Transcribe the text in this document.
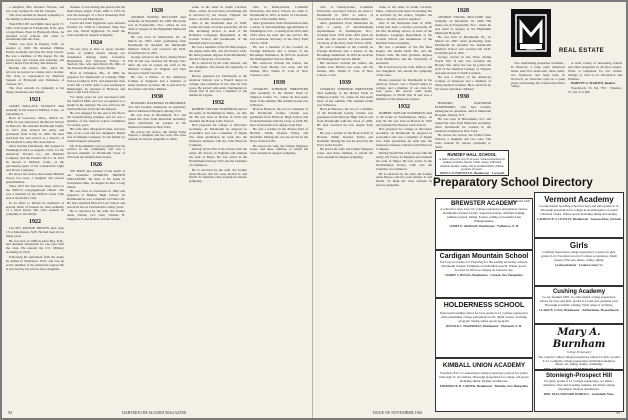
a daughter, Mrs. Roberta Nicolas, and two sons, Sydney W. and Dr. Thomas.

The class extends its deepest sympathy to the family in their bereavement.

WALTER LEE ALVORD died April 17, 1961 at his home in Portsmouth, N.H., after a long illness. Born in Plymouth, Mass., he attended local schools and came to Dartmouth with the class.

Walter was born in Epping, N.H., on August 4, 1918. He attended Phillips Exeter Academy and later the Tuck School. He was a member of Phi Kappa Psi, the Green Key and Casque and Gauntlet, and held a major D in hockey and baseball.

Besides his widow, Mrs. Alice M. Alvord, he leaves two sisters and a brother. The class is represented by Harrison Sargent of Plymouth and Parkinson of Trenton, N.J.

The class extends its sympathy to his many classmates and friends.

1921

JAMES WALLACE STANLEY died suddenly at his home in Milford, Conn., on September 6.

Born in Lawrence, Mass., March 19, 1898, he was attracted to the Brown School in Hanover. He attended Dartmouth briefly in 1917, then entered the Army and graduated from Colby in 1920. He later practiced law and served as a director of the Fairfield County Bar Association.

After leaving Dartmouth, Jim worked in Washington and Los Angeles, Calif., for the American Woolen Co., the Baldwin Company and the Eastern Oil Co. In 1931 he moved to Milford, Conn., as the purchasing agent of the Connecticut Light and Power Company.

He leaves his widow, the former Mildred Wood, two sons, a daughter and several grandchildren.

Since 1957 the four have been active in the Milford Congregational church. Jim was a member of the Milford Lions Club and of the Rotary Club.

In an effort to inform its members of several items of interest he died suddenly of a heart attack. The class extends its sympathy to his family.

1922

LUCIUS MILTON BROWN died June 13 at Manchester, N.H. He had been ill for many years.

He was born in 1900 in Alton Bay, N.H., and attended Dartmouth for one year with the class. He entered the U.S. Military Academy in 1919.

Following his retirement from the Army he settled in Wolfeboro, N.H., and was an active member of the American Legion. He is survived by his widow and a daughter.

Nashua. It was during this period that his final illness began. From 1948 to 1955 he was the manager of a food brokerage firm in Concord and Manchester.

Lewis and Josie Eggleston were married October 16, 1926 in Cleveland. They had one son, David Eggleston. To them the class extends its deepest sympathy.

1924

We are sorry to have to report another series of sudden deaths among our classmates. Among them, Lawrence Hutchinson and Sylvester Forbes of Sanford, Me., who died March 26, 1961, at the Veterans Hospital, Togus, Maine.

Born in Orrington, Me., in 1900, he prepared for Dartmouth at Canaday High School in Albion, N.H., and joined the class in the fall of 1920. After a year teaching in Mississippi, he returned to Hanover and later to the Tuck School.

For many years he was associated with the Sanford Mills and was recognized as a leader in the industry. He was active in the Sanford Rotary Club and the Masons.

He was engaged for the rest of his life in the manufacturing business and he was a member of the Sanford school committee for twenty years.

His wife, Mrs. Margaret Forbes, survives him, as do a son and two daughters. Burial was in Oakdale Cemetery. To his family we extend deepest sympathy.

Mr. Schoenheimer was recognized for his service in the community and was a devoted member of Dartmouth Class of 1924 and the Alumni Association.

1926

WE HAVE just learned of the death of our classmate CHARLES BROWN SINGLETON. He died at his home in Cincinnati, Ohio, on August 22 after a long illness.

He was born in Cincinnati in 1904 and prepared at Hughes High School. At Dartmouth he was a member of Theta Chi. He later attended Harvard Law School and practiced law in Cincinnati for many years.

He is survived by his wife, the former Anne Jordan; two sons, Charles B. Singleton Jr. and Robert; and his mother.

1928

GEORGE YOUNG MCCLURE died suddenly on December 16, 1960. His home was in Fayetteville, N.C., where he was chief of surgery at the Highsmith Memorial Hospital.

He was born in Monmouth, Ill., on March 22, 1907. After graduating from Dartmouth he attended the Dartmouth Medical School and received his M.D. from Harvard in 1932.

George served in the Navy during World War II and was awarded the Bronze Star. After the war he joined the staff of the Medical College of Virginia and later moved to North Carolina.

He was a Fellow of the American College of Surgeons and a member of many medical societies. He is survived by his widow and three children.

1930

HOWARD RAYMOND ELMENDORF, who had recently undergone an operation, died at Memorial Hospital, Albany, N.Y.

He was born in Bloomfield, N.J. and joined the class from Montclair Academy. After Dartmouth he worked in the insurance business in New York.

He leaves his widow, the former Edna Watson, a daughter and two sons. The class extends its sincere sympathy to them.

some of his sister in South Carolina, Mass., where he had been vacationing. He is survived by his widow, Virginia, his sister, a brother, and two nephews.

One of the handsome men of 1930, Leslie had been a teacher practically all his life, including service as head of the Romance Language Department at the Loomis School and headmaster of the Kimball Union Academy.

He was a member of the Phi Beta Kappa, the Alpha Delta Phi, and the French Club. He held graduate degrees from Middlebury and the University of Grenoble.

He is survived by his wife, Marion, and two daughters. We extend the sympathy of the class.

Howie prepared for Dartmouth at the Andover School, was a French major in college, and a member of our class for four years. He served with Army Intelligence in World War II and was a member of the American Legion.

1932

ROBERT TAYLOR WOODMAN died at his home in Northampton, Mass., on July 30. He was born in Boston in 1910 and attended the Boston Latin School.

Bob prepared for college at Worcester Academy. At Dartmouth he majored in economics and was a member of Sigma Chi. After graduation he went into the insurance business with the John Hancock Company.

During World War II he served with the Army Air Forces in England and attained the rank of Major. He was active in the Northampton Rotary Club and the Chamber of Commerce.

He is survived by his wife, the former Anne Moore, and two sons, Robert Jr. and David. To them the class extends its sincere sympathy.

wife of Pennsylvania, Columbia University, and Knox School, he came to Dartmouth in 1933. A native of Cleveland, he was a Phi Gamma Delta.

After graduation from Dartmouth he held a series of merchandising appointments in Washington, D.C., working from 1933 until 1943 when he went into the service. He was Assistant Secretary of the Navy from 1954 to 1956.

He was a member of the Council on Foreign Relations and a trustee of the Brookings Institution. In 1955 he received the Distinguished Service Medal.

His survivors include his widow, the former Joan Martin, two sons, and his mother, Mrs. Walter E. Cole of New Canaan, Conn.

1939

CHARLES WINDSOR BREWSTER died suddenly at the Barber Farm in Simpson Center, Vt., where he had spent most of his summer. His summer home was in Boston.

Born in Hanover, the son of a member of the Dartmouth faculty, Charlie was graduated from Hanover High School and from Dartmouth with the Class of 1939. He later received his law degree from Yale.

He was a partner in the Boston firm of Herrick, Smith, Donald, Farley and Ketchum. During the war he served in the Navy in the Pacific.

He leaves his wife, the former Margaret Jones, and three children, to whom the class extends its deepest sympathy.

94	DARTMOUTH ALUMNI MAGAZINE

wife of Pennsylvania, Columbia University, and Knox School, he came to Dartmouth in 1933. A native of Cleveland, he was a Phi Gamma Delta.

After graduation from Dartmouth he held a series of merchandising appointments in Washington, D.C., working from 1933 until 1943 when he went into the service. He was Assistant Secretary of the Navy from 1954 to 1956.

He was a member of the Council on Foreign Relations and a trustee of the Brookings Institution. In 1955 he received the Distinguished Service Medal.

His survivors include his widow, the former Joan Martin, two sons, and his mother, Mrs. Walter E. Cole of New Canaan, Conn.

1939

CHARLES WINDSOR BREWSTER died suddenly at the Barber Farm in Simpson Center, Vt., where he had spent most of his summer. His summer home was in Boston.

Born in Hanover, the son of a member of the Dartmouth faculty, Charlie was graduated from Hanover High School and from Dartmouth with the Class of 1939. He later received his law degree from Yale.

He was a partner in the Boston firm of Herrick, Smith, Donald, Farley and Ketchum. During the war he served in the Navy in the Pacific.

He leaves his wife, the former Margaret Jones, and three children, to whom the class extends its deepest sympathy.

some of his sister in South Carolina, Mass., where he had been vacationing. He is survived by his widow, Virginia, his sister, a brother, and two nephews.

One of the handsome men of 1930, Leslie had been a teacher practically all his life, including service as head of the Romance Language Department at the Loomis School and headmaster of the Kimball Union Academy.

He was a member of the Phi Beta Kappa, the Alpha Delta Phi, and the French Club. He held graduate degrees from Middlebury and the University of Grenoble.

He is survived by his wife, Marion, and two daughters. We extend the sympathy of the class.

Howie prepared for Dartmouth at the Andover School, was a French major in college, and a member of our class for four years. He served with Army Intelligence in World War II and was a member of the American Legion.

1932

ROBERT TAYLOR WOODMAN died at his home in Northampton, Mass., on July 30. He was born in Boston in 1910 and attended the Boston Latin School.

Bob prepared for college at Worcester Academy. At Dartmouth he majored in economics and was a member of Sigma Chi. After graduation he went into the insurance business with the John Hancock Company.

During World War II he served with the Army Air Forces in England and attained the rank of Major. He was active in the Northampton Rotary Club and the Chamber of Commerce.

He is survived by his wife, the former Anne Moore, and two sons, Robert Jr. and David. To them the class extends its sincere sympathy.

1928

GEORGE YOUNG MCCLURE died suddenly on December 16, 1960. His home was in Fayetteville, N.C., where he was chief of surgery at the Highsmith Memorial Hospital.

He was born in Monmouth, Ill., on March 22, 1907. After graduating from Dartmouth he attended the Dartmouth Medical School and received his M.D. from Harvard in 1932.

George served in the Navy during World War II and was awarded the Bronze Star. After the war he joined the staff of the Medical College of Virginia and later moved to North Carolina.

He was a Fellow of the American College of Surgeons and a member of many medical societies. He is survived by his widow and three children.

1930

HOWARD RAYMOND ELMENDORF, who had recently undergone an operation, died at Memorial Hospital, Albany, N.Y.

He was born in Bloomfield, N.J. and joined the class from Montclair Academy. After Dartmouth he worked in the insurance business in New York.

He leaves his widow, the former Edna Watson, a daughter and two sons. The class extends its sincere sympathy to them.

Realtor	REAL ESTATE

Two outstanding properties available - In Hanover, a large early American home with five bedrooms, three baths, two fireplaces and large barn. In Norwich, an attractive cape on a quiet street overlooking the Connecticut River Valley.

A wide variety of interesting rentals and other properties in all price ranges. Write or telephone for our current listings or visit us in Woodstock and Windsor.

HARVEY S. MARTIN, Realtor

Woodstock, Vt. Tel. 793 · Windsor, Vt. Tel. 6 or 400

RUMSEY HALL SCHOOL
A Junior school for boys 8-14 years. Sound preparation for leading secondary schools. Small classes, individual attention, healthy country life in Litchfield Hills. Athletic program, all sports.
JOHN F. SCHOENFELD, Headmaster · Cornwall,
Preparatory School Directory
BREWSTER ACADEMY
Founded 1820
A school for boys 14 to 19. College preparatory and general courses. Dartmouth-oriented faculty. Supervised study, remedial reading, summer session. Skiing, hockey, sailing on beautiful Lake Winnipesaukee.
JAMES E. GRAHAM, Headmaster · Wolfeboro, N. H.
Cardigan Mountain School
For boys in Grades 6-9. Preparing for the leading secondary schools. Dartmouth trustees. Emphasis on individual growth. Winter sports. Located on 500 acre campus on Canaan Lake.
HARRY S. BOGGS, Headmaster · Canaan, New Hampshire
HOLDERNESS SCHOOL
Episcopal boarding school for boys grades 9-12. College preparatory with outstanding college placement record. Small classes. Self help program. Strong winter sports program.
DONALD C. HAGERMAN, Headmaster · Plymouth, N. H.
KIMBALL UNION ACADEMY
Founded 1813. Co-educational college preparatory school for grades 9 through 12. Accredited. Thorough preparation for college. All sports including skiing. Modern dormitories.
FREDERICK H. CARTER, Headmaster · Meriden, New Hampshire
Vermont Academy
Co-educational boarding school for boys and girls grades 9-12. Thorough preparation for college in an atmosphere of sound Christian values. Winter sports including skiing and skating.
LAURENCE G. LEAVITT, Headmaster · Saxtons River, Vermont
Girls
Carefully supervised college preparatory courses for girls grades 9-12. Excellent record of college acceptances. Small classes. Fine arts, music, riding, skiing.
Lyndon Institute · Lyndon Center, Vt.
Cushing Academy
Co-ed, founded 1865. Co-educational college preparatory school for boys and girls, grades 9-12 and post-graduate year. Thorough academic training. Wide range of activities.
CLARK B. COLE, Headmaster · Ashburnham, Massachusetts
Mary A. Burnham
College Preparatory
The country's oldest college preparatory school for girls. Grades 9-12. Complete college preparation. Individual attention. Music, art, riding, skiing, swimming.
MRS. GEORGE WALDO EMERSON · Northampton,
Stonleigh-Prospect Hill
For girls, grades 9-12. College preparatory, art, music, dramatics. Day and boarding students. Excellent college placement. Modern dormitories.
MRS. PAUL HOWARD KIMBALL · Greenfield, Mass.
ISSUE OF NOVEMBER 1961	95
